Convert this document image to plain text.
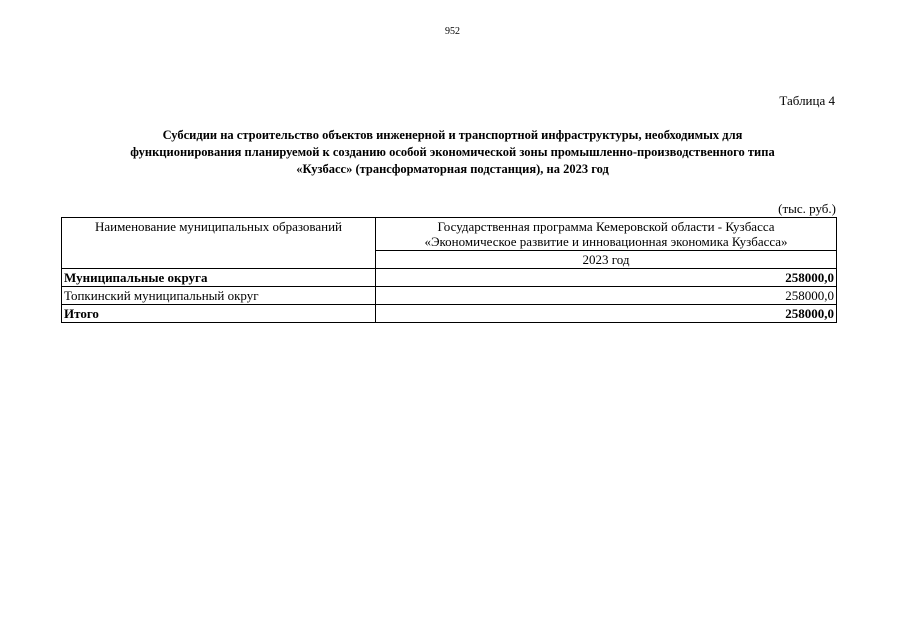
952
Таблица 4
Субсидии на строительство объектов инженерной и транспортной инфраструктуры, необходимых для
функционирования планируемой к созданию особой экономической зоны промышленно-производственного типа
«Кузбасс» (трансформаторная подстанция), на 2023 год
(тыс. руб.)
Наименование муниципальных образований	Государственная программа Кемеровской области - Кузбасса
«Экономическое развитие и инновационная экономика Кузбасса»

	2023 год
Муниципальные округа	258000,0
Топкинский муниципальный округ	258000,0
Итого	258000,0
